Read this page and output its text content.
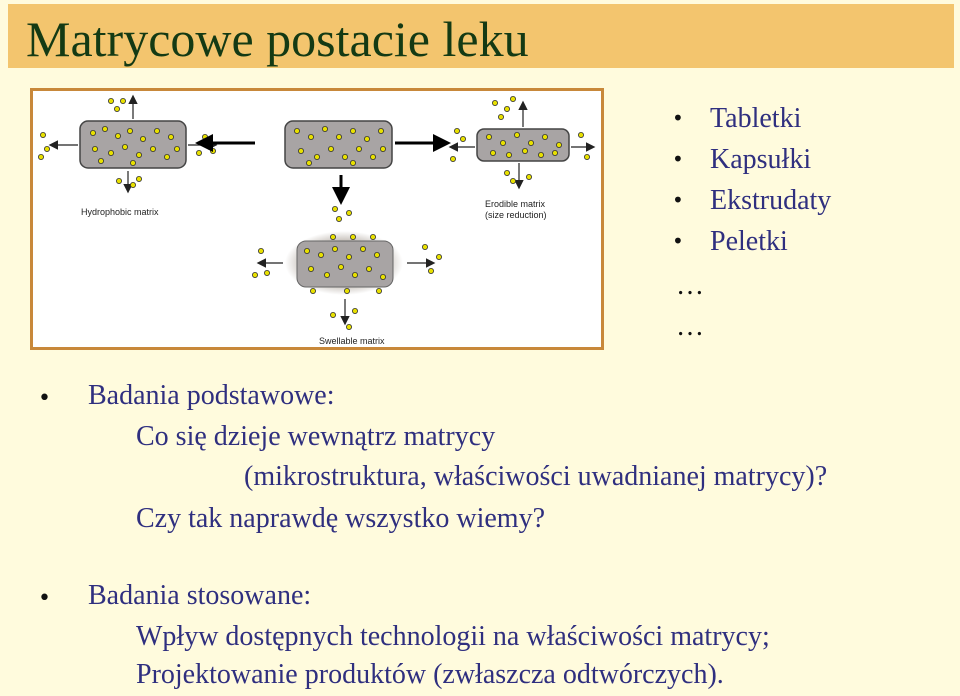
Matrycowe postacie leku
Hydrophobic matrix
Erodible matrix
(size reduction)
Swellable matrix
• Tabletki
• Kapsułki
• Ekstrudaty
• Peletki
…
…
• Badania podstawowe:
Co się dzieje wewnątrz matrycy
(mikrostruktura, właściwości uwadnianej matrycy)?
Czy tak naprawdę wszystko wiemy?
• Badania stosowane:
Wpływ dostępnych technologii na właściwości matrycy;
Projektowanie produktów (zwłaszcza odtwórczych).
